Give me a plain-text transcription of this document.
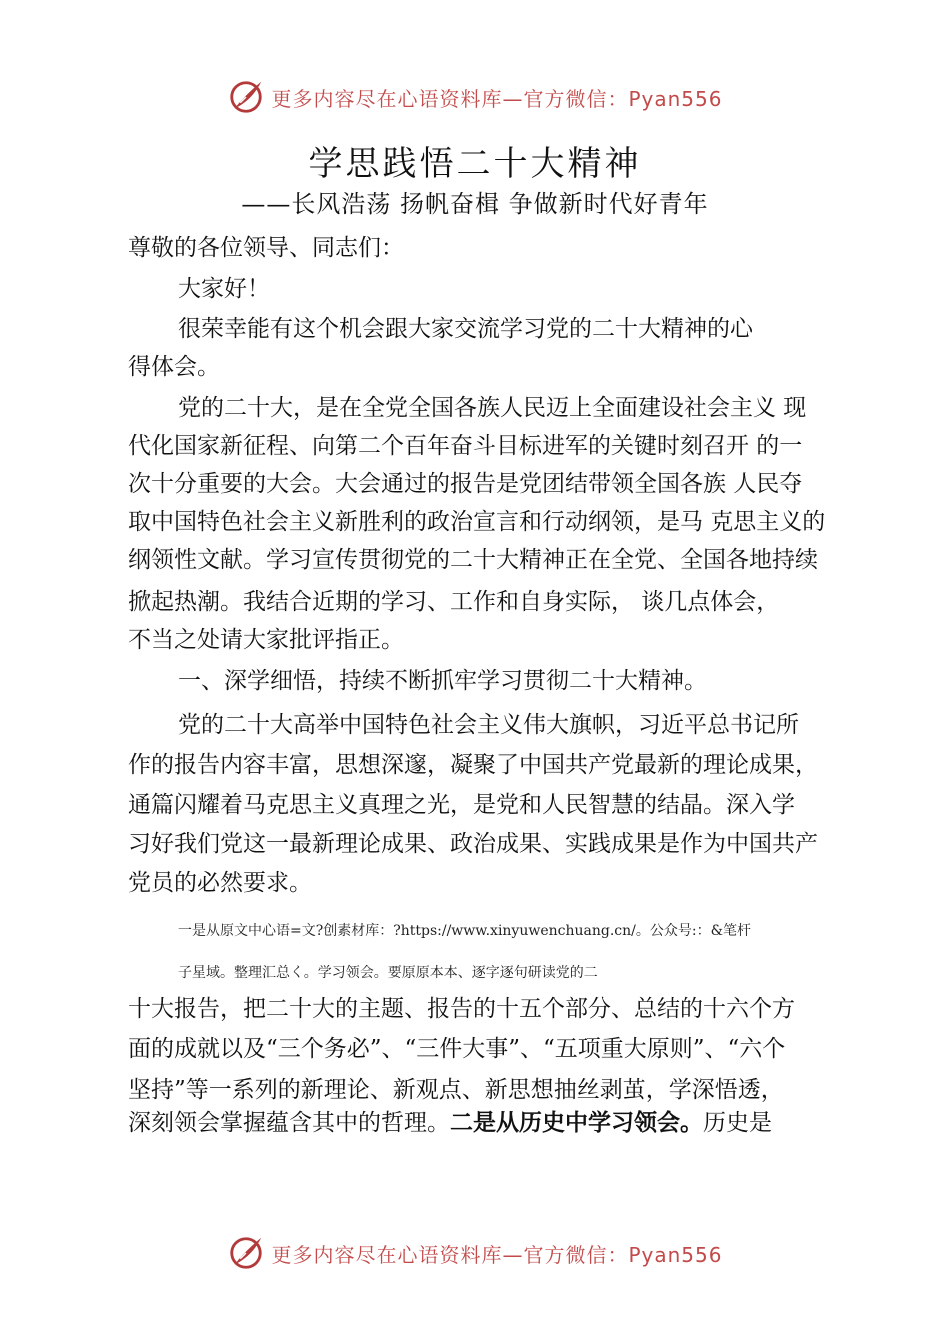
更多内容尽在心语资料库—官方微信：Pyan556
学思践悟二十大精神
——长风浩荡 扬帆奋楫 争做新时代好青年
尊敬的各位领导、同志们：
大家好！
很荣幸能有这个机会跟大家交流学习党的二十大精神的心
得体会。
党的二十大，是在全党全国各族人民迈上全面建设社会主义 现
代化国家新征程、向第二个百年奋斗目标进军的关键时刻召开 的一
次十分重要的大会。大会通过的报告是党团结带领全国各族 人民夺
取中国特色社会主义新胜利的政治宣言和行动纲领，是马 克思主义的
纲领性文献。学习宣传贯彻党的二十大精神正在全党、全国各地持续
掀起热潮。我结合近期的学习、工作和自身实际， 谈几点体会，
不当之处请大家批评指正。
一、深学细悟，持续不断抓牢学习贯彻二十大精神。
党的二十大高举中国特色社会主义伟大旗帜，习近平总书记所
作的报告内容丰富，思想深邃，凝聚了中国共产党最新的理论成果，
通篇闪耀着马克思主义真理之光，是党和人民智慧的结晶。深入学
习好我们党这一最新理论成果、政治成果、实践成果是作为中国共产
党员的必然要求。
一是从原文中心语=文?创素材库：?https://www.xinyuwenchuang.cn/。公众号:：&笔杆
子星域。整理汇总く。学习领会。要原原本本、逐字逐句研读党的二
十大报告，把二十大的主题、报告的十五个部分、总结的十六个方
面的成就以及“三个务必”、“三件大事”、“五项重大原则”、“六个
坚持”等一系列的新理论、新观点、新思想抽丝剥茧，学深悟透，
深刻领会掌握蕴含其中的哲理。二是从历史中学习领会。历史是
更多内容尽在心语资料库—官方微信：Pyan556
